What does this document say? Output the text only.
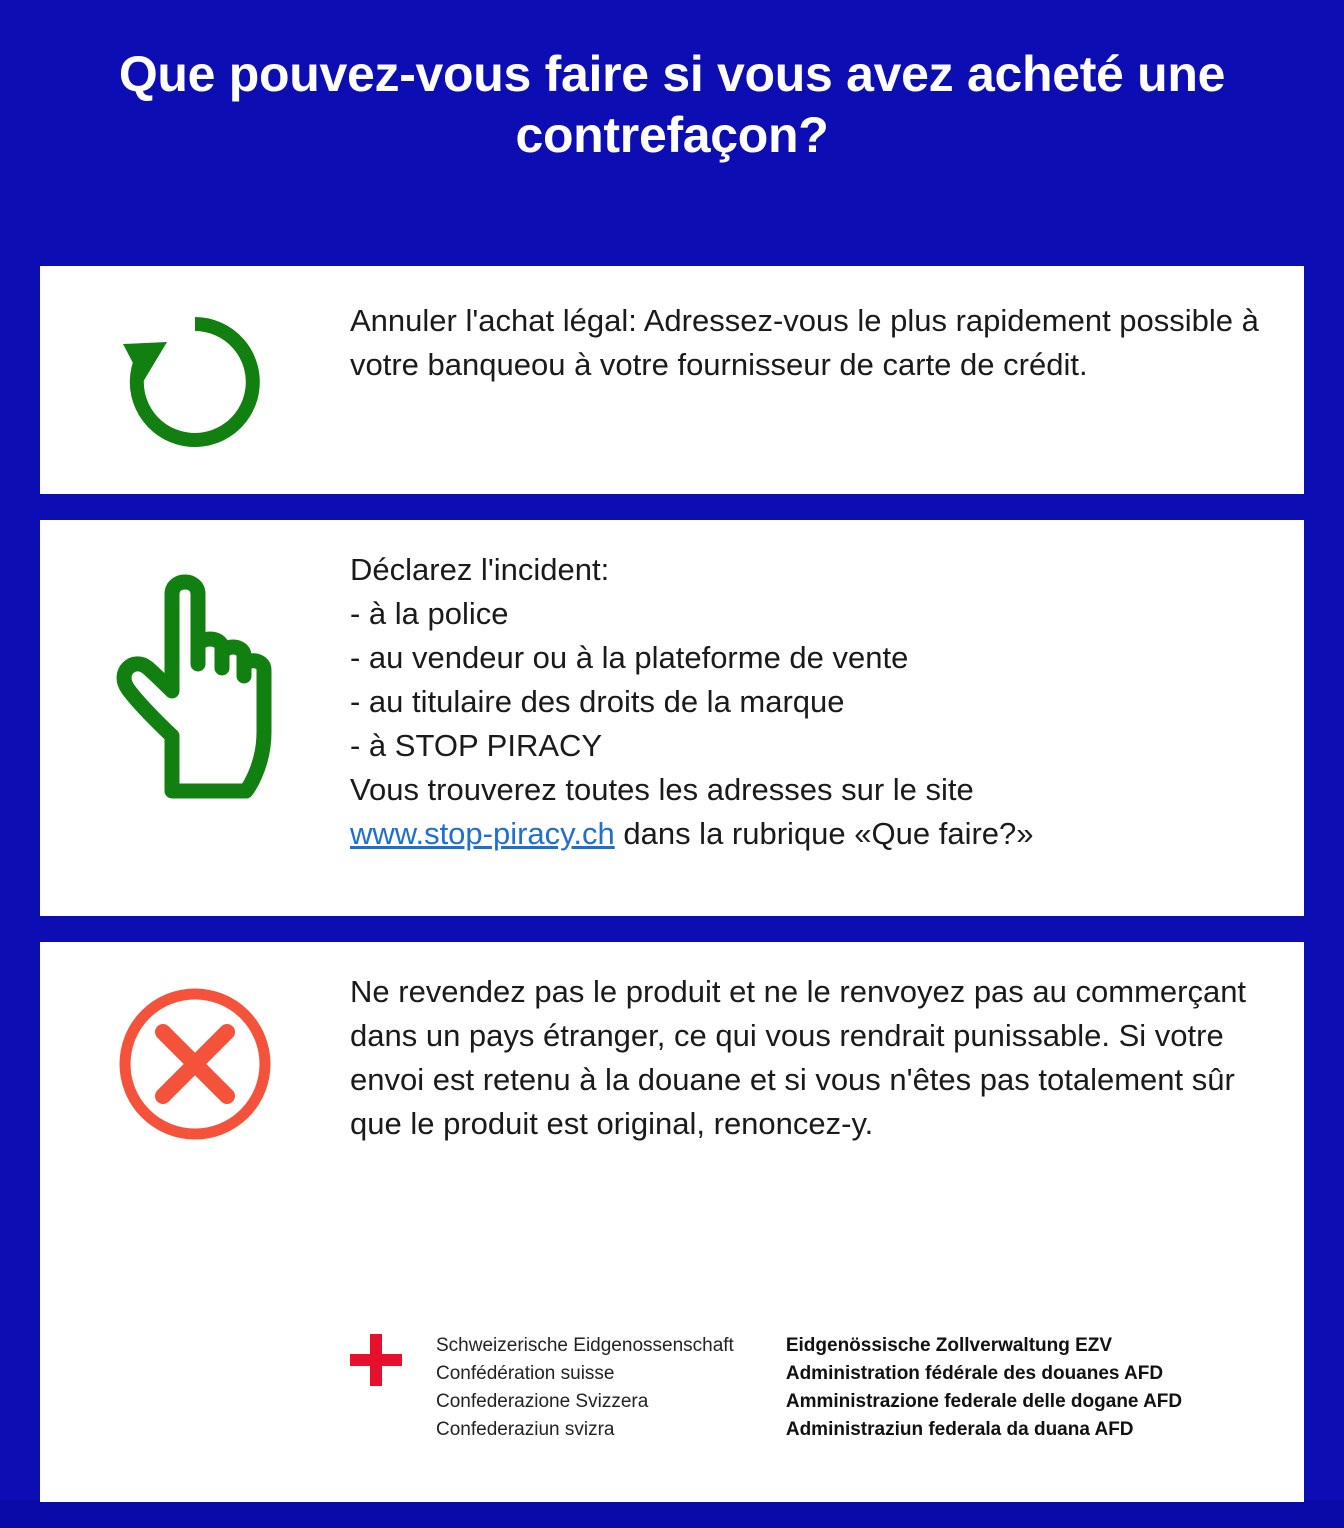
Que pouvez-vous faire si vous avez acheté une contrefaçon?
Annuler l'achat légal: Adressez-vous le plus rapidement possible à votre banqueou à votre fournisseur de carte de crédit.
Déclarez l'incident:
- à la police
- au vendeur ou à la plateforme de vente
- au titulaire des droits de la marque
- à STOP PIRACY
Vous trouverez toutes les adresses sur le site
www.stop-piracy.ch dans la rubrique «Que faire?»
Ne revendez pas le produit et ne le renvoyez pas au commerçant dans un pays étranger, ce qui vous rendrait punissable. Si votre envoi est retenu à la douane et si vous n'êtes pas totalement sûr que le produit est original, renoncez-y.
Schweizerische Eidgenossenschaft
Confédération suisse
Confederazione Svizzera
Confederaziun svizra
Eidgenössische Zollverwaltung EZV
Administration fédérale des douanes AFD
Amministrazione federale delle dogane AFD
Administraziun federala da duana AFD
